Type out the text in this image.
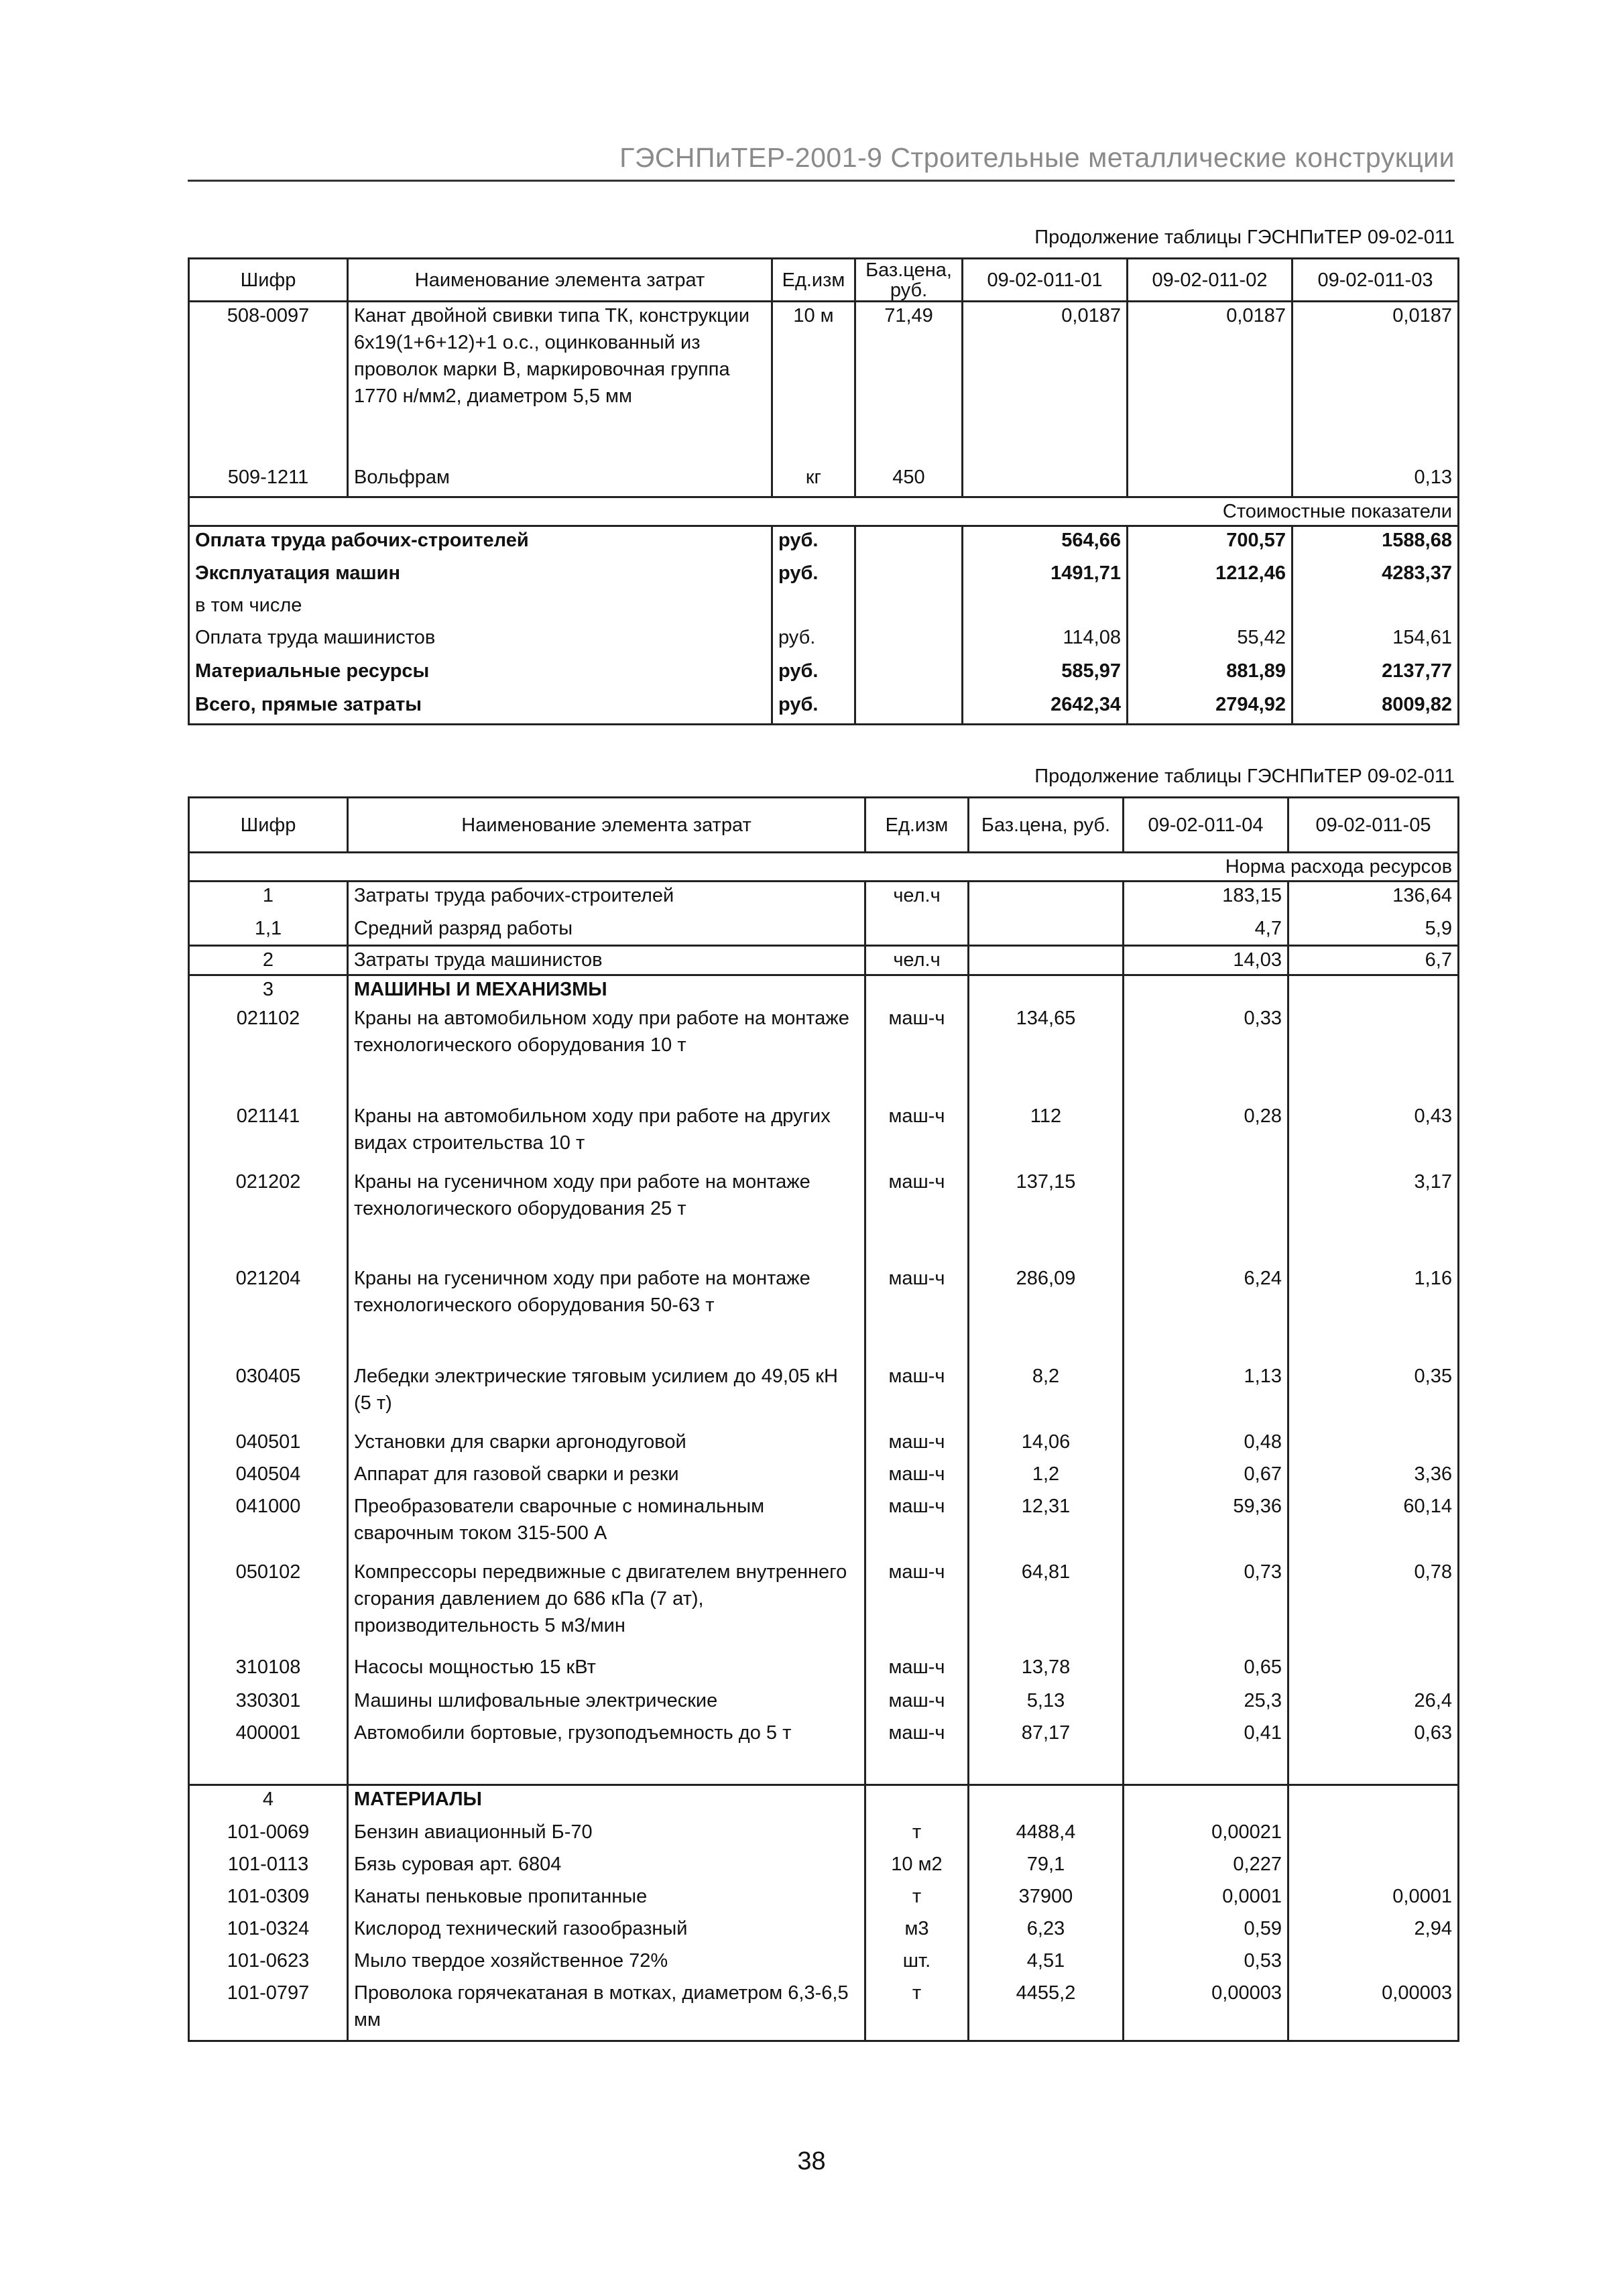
ГЭСНПиТЕР-2001-9 Строительные металлические конструкции
Продолжение таблицы ГЭСНПиТЕР 09-02-011
Шифр	Наименование элемента затрат	Ед.изм	Баз.цена, руб.	09-02-011-01	09-02-011-02	09-02-011-03
508-0097	Канат двойной свивки типа ТК, конструкции 6х19(1+6+12)+1 о.с., оцинкованный из проволок марки В, маркировочная группа 1770 н/мм2, диаметром 5,5 мм	10 м	71,49	0,0187	0,0187	0,0187
509-1211	Вольфрам	кг	450			0,13
Стоимостные показатели						
Оплата труда рабочих-строителей		руб.		564,66	700,57	1588,68
Эксплуатация машин		руб.		1491,71	1212,46	4283,37
в том числе						
Оплата труда машинистов		руб.		114,08	55,42	154,61
Материальные ресурсы		руб.		585,97	881,89	2137,77
Всего, прямые затраты		руб.		2642,34	2794,92	8009,82
Продолжение таблицы ГЭСНПиТЕР 09-02-011
Шифр	Наименование элемента затрат	Ед.изм	Баз.цена, руб.	09-02-011-04	09-02-011-05
Норма расхода ресурсов					
1	Затраты труда рабочих-строителей	чел.ч		183,15	136,64
1,1	Средний разряд работы			4,7	5,9
2	Затраты труда машинистов	чел.ч		14,03	6,7
3	МАШИНЫ И МЕХАНИЗМЫ				
021102	Краны на автомобильном ходу при работе на монтаже технологического оборудования 10 т	маш-ч	134,65	0,33	
021141	Краны на автомобильном ходу при работе на других видах строительства 10 т	маш-ч	112	0,28	0,43
021202	Краны на гусеничном ходу при работе на монтаже технологического оборудования 25 т	маш-ч	137,15		3,17
021204	Краны на гусеничном ходу при работе на монтаже технологического оборудования 50-63 т	маш-ч	286,09	6,24	1,16
030405	Лебедки электрические тяговым усилием до 49,05 кН (5 т)	маш-ч	8,2	1,13	0,35
040501	Установки для сварки аргонодуговой	маш-ч	14,06	0,48	
040504	Аппарат для газовой сварки и резки	маш-ч	1,2	0,67	3,36
041000	Преобразователи сварочные с номинальным сварочным током 315-500 А	маш-ч	12,31	59,36	60,14
050102	Компрессоры передвижные с двигателем внутреннего сгорания давлением до 686 кПа (7 ат), производительность 5 м3/мин	маш-ч	64,81	0,73	0,78
310108	Насосы мощностью 15 кВт	маш-ч	13,78	0,65	
330301	Машины шлифовальные электрические	маш-ч	5,13	25,3	26,4
400001	Автомобили бортовые, грузоподъемность до 5 т	маш-ч	87,17	0,41	0,63
4	МАТЕРИАЛЫ				
101-0069	Бензин авиационный Б-70	т	4488,4	0,00021	
101-0113	Бязь суровая арт. 6804	10 м2	79,1	0,227	
101-0309	Канаты пеньковые пропитанные	т	37900	0,0001	0,0001
101-0324	Кислород технический газообразный	м3	6,23	0,59	2,94
101-0623	Мыло твердое хозяйственное 72%	шт.	4,51	0,53	
101-0797	Проволока горячекатаная в мотках, диаметром 6,3-6,5 мм	т	4455,2	0,00003	0,00003
38
